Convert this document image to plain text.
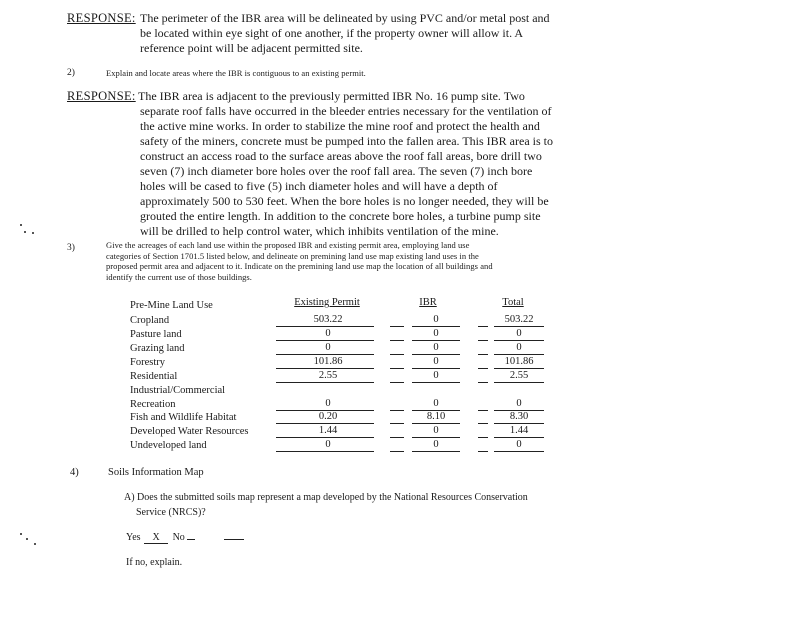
RESPONSE: The perimeter of the IBR area will be delineated by using PVC and/or metal post and
be located within eye sight of one another, if the property owner will allow it. A
reference point will be adjacent permitted site.
2)	Explain and locate areas where the IBR is contiguous to an existing permit.
RESPONSE: The IBR area is adjacent to the previously permitted IBR No. 16 pump site. Two
separate roof falls have occurred in the bleeder entries necessary for the ventilation of
the active mine works. In order to stabilize the mine roof and protect the health and
safety of the miners, concrete must be pumped into the fallen area. This IBR area is to
construct an access road to the surface areas above the roof fall areas, bore drill two
seven (7) inch diameter bore holes over the roof fall area. The seven (7) inch bore
holes will be cased to five (5) inch diameter holes and will have a depth of
approximately 500 to 530 feet. When the bore holes is no longer needed, they will be
grouted the entire length. In addition to the concrete bore holes, a turbine pump site
will be drilled to help control water, which inhibits ventilation of the mine.
3)	Give the acreages of each land use within the proposed IBR and existing permit area, employing land use
categories of Section 1701.5 listed below, and delineate on premining land use map existing land uses in the
proposed permit area and adjacent to it. Indicate on the premining land use map the location of all buildings and
identify the current use of those buildings.
Pre-Mine Land Use	Existing Permit	IBR	Total
Cropland	503.22	0	503.22
Pasture land	0	0	0
Grazing land	0	0	0
Forestry	101.86	0	101.86
Residential	2.55	0	2.55
Industrial/Commercial
Recreation	0	0	0
Fish and Wildlife Habitat	0.20	8.10	8.30
Developed Water Resources	1.44	0	1.44
Undeveloped land	0	0	0
4)	Soils Information Map
A) Does the submitted soils map represent a map developed by the National Resources Conservation
Service (NRCS)?
Yes X No
If no, explain.
